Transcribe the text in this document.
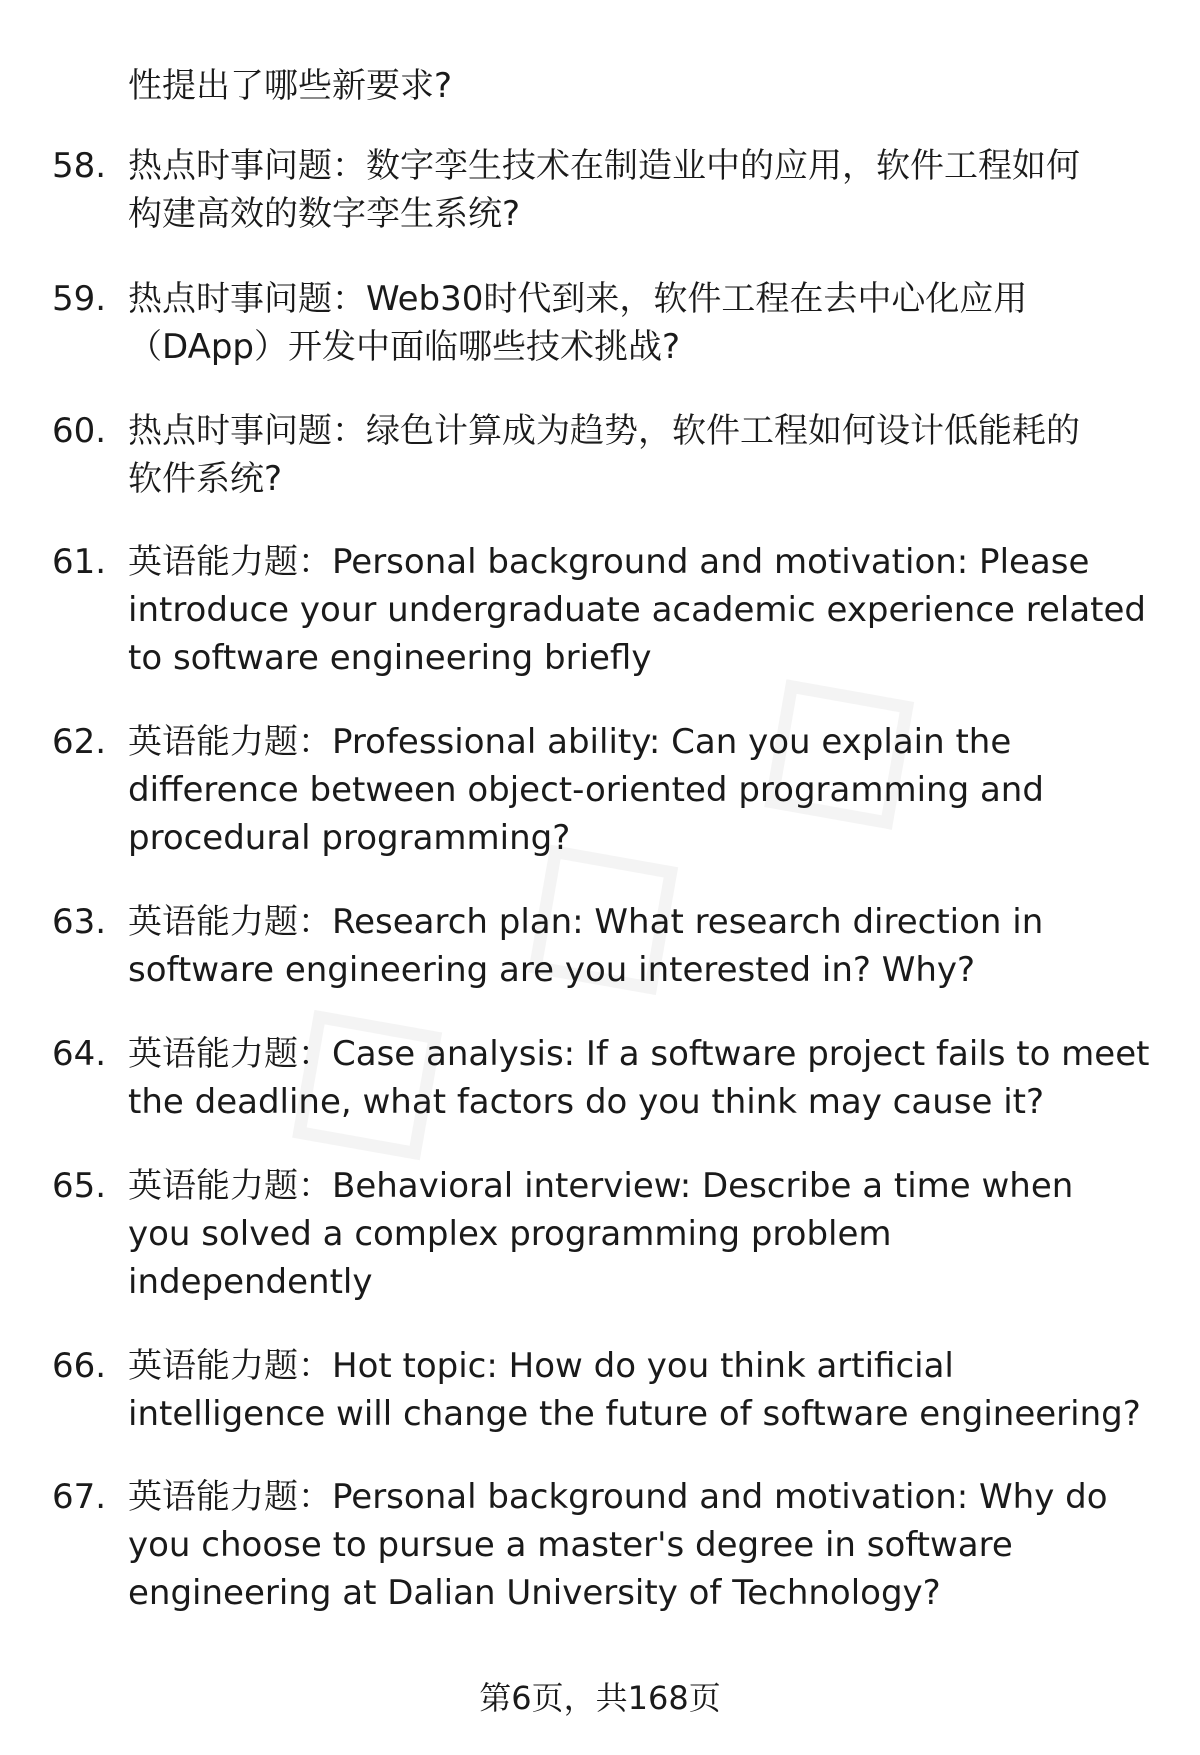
性提出了哪些新要求?
58. 热点时事问题：数字孪生技术在制造业中的应用，软件工程如何
构建高效的数字孪生系统?
59. 热点时事问题：Web30时代到来，软件工程在去中心化应用
（DApp）开发中面临哪些技术挑战?
60. 热点时事问题：绿色计算成为趋势，软件工程如何设计低能耗的
软件系统?
61. 英语能力题：Personal background and motivation: Please
introduce your undergraduate academic experience related
to software engineering briefly
62. 英语能力题：Professional ability: Can you explain the
difference between object-oriented programming and
procedural programming?
63. 英语能力题：Research plan: What research direction in
software engineering are you interested in? Why?
64. 英语能力题：Case analysis: If a software project fails to meet
the deadline, what factors do you think may cause it?
65. 英语能力题：Behavioral interview: Describe a time when
you solved a complex programming problem
independently
66. 英语能力题：Hot topic: How do you think artificial
intelligence will change the future of software engineering?
67. 英语能力题：Personal background and motivation: Why do
you choose to pursue a master's degree in software
engineering at Dalian University of Technology?
第6页，共168页
